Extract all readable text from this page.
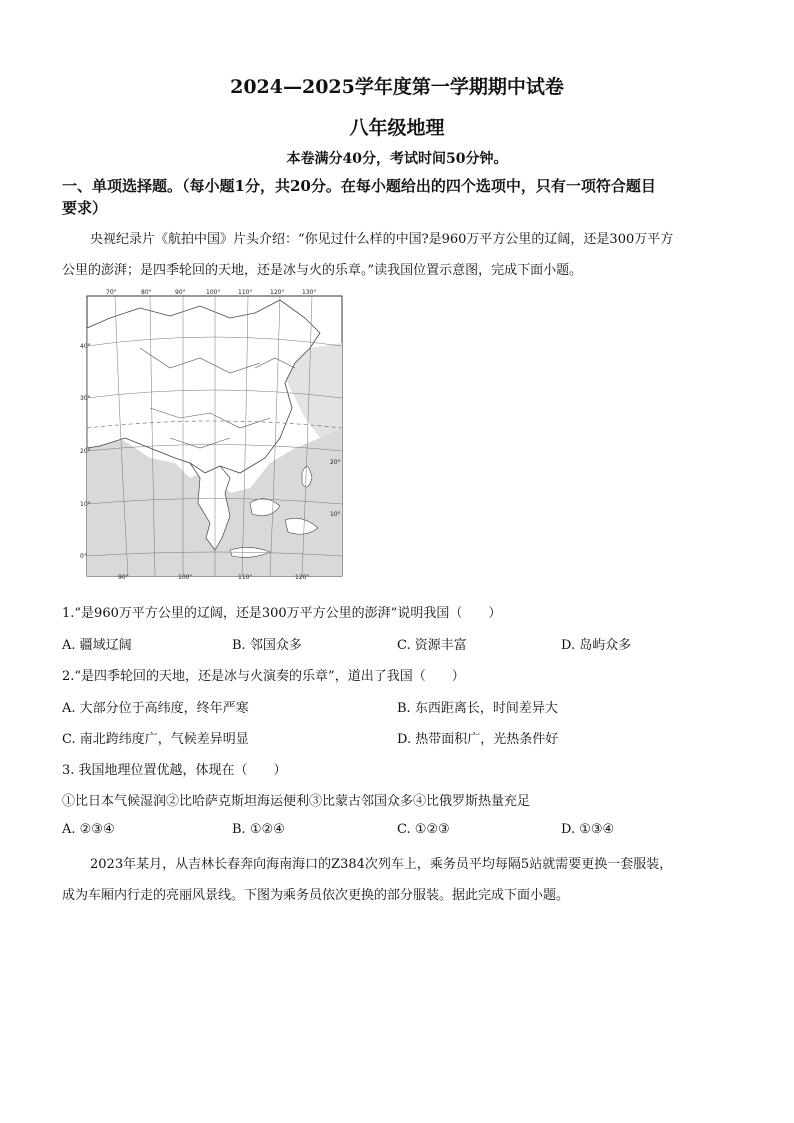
2024—2025学年度第一学期期中试卷
八年级地理
本卷满分40分，考试时间50分钟。
一、单项选择题。（每小题1分，共20分。在每小题给出的四个选项中，只有一项符合题目
要求）
央视纪录片《航拍中国》片头介绍：“你见过什么样的中国?是960万平方公里的辽阔，还是300万平方
公里的澎湃；是四季轮回的天地，还是冰与火的乐章。”读我国位置示意图，完成下面小题。
70°	80°	90°	100°	110°	120°	130°
40°
30°
20°
10°
0°
20°
10°
90°	100°	110°	120°
1.“是960万平方公里的辽阔，还是300万平方公里的澎湃”说明我国（　　）
A. 疆域辽阔	B. 邻国众多	C. 资源丰富	D. 岛屿众多
2.“是四季轮回的天地，还是冰与火演奏的乐章”，道出了我国（　　）
A. 大部分位于高纬度，终年严寒	B. 东西距离长，时间差异大
C. 南北跨纬度广，气候差异明显	D. 热带面积广，光热条件好
3. 我国地理位置优越，体现在（　　）
①比日本气候湿润②比哈萨克斯坦海运便利③比蒙古邻国众多④比俄罗斯热量充足
A. ②③④	B. ①②④	C. ①②③	D. ①③④
2023年某月，从吉林长春奔向海南海口的Z384次列车上，乘务员平均每隔5站就需要更换一套服装，
成为车厢内行走的亮丽风景线。下图为乘务员依次更换的部分服装。据此完成下面小题。
